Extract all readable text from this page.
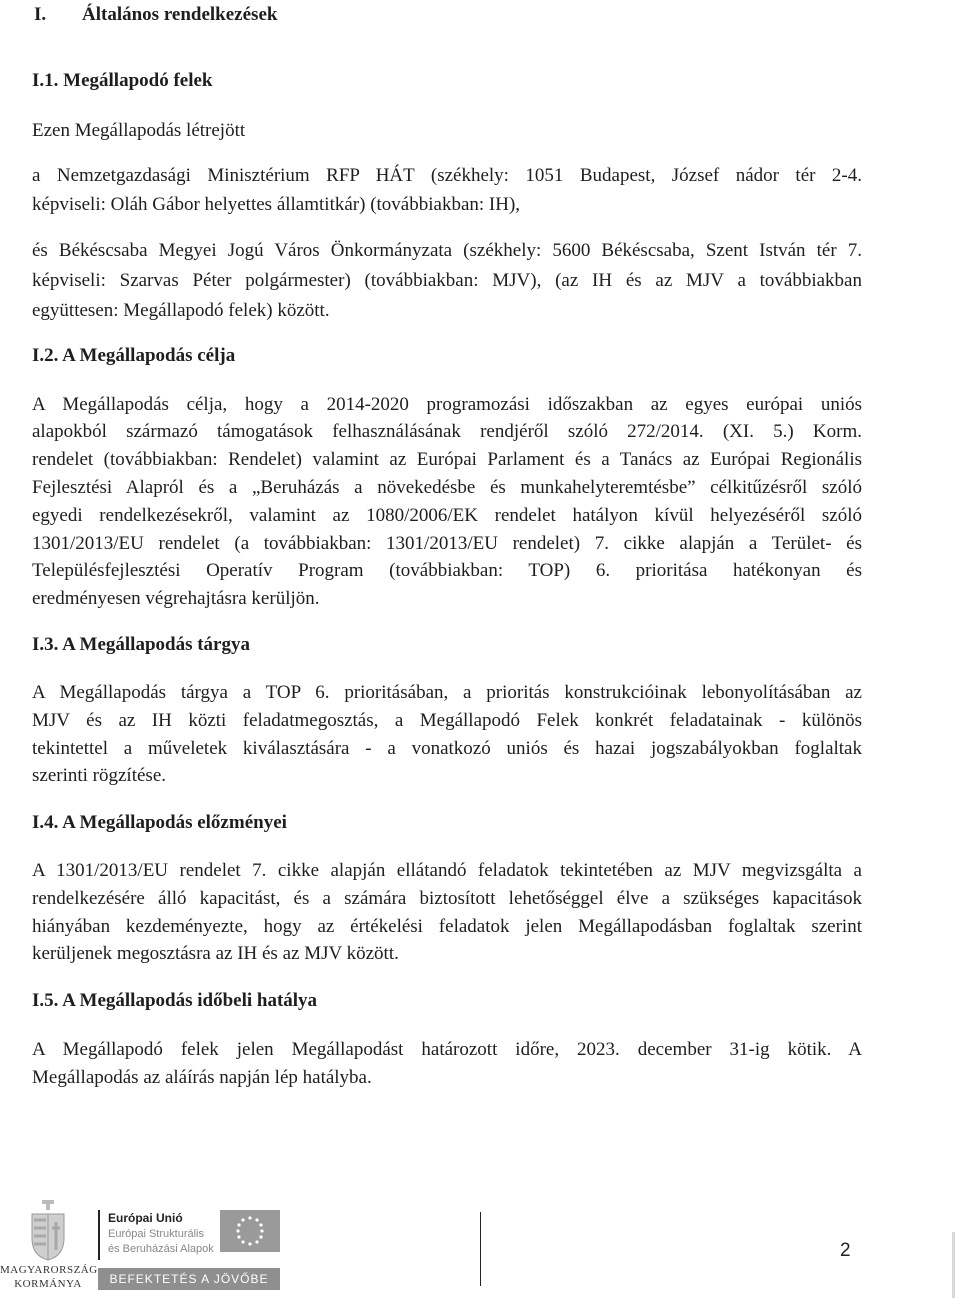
I. Általános rendelkezések
I.1. Megállapodó felek
Ezen Megállapodás létrejött
a Nemzetgazdasági Minisztérium RFP HÁT (székhely: 1051 Budapest, József nádor tér 2-4.
képviseli: Oláh Gábor helyettes államtitkár) (továbbiakban: IH),
és Békéscsaba Megyei Jogú Város Önkormányzata (székhely: 5600 Békéscsaba, Szent István tér 7.
képviseli: Szarvas Péter polgármester) (továbbiakban: MJV), (az IH és az MJV a továbbiakban
együttesen: Megállapodó felek) között.
I.2. A Megállapodás célja
A Megállapodás célja, hogy a 2014-2020 programozási időszakban az egyes európai uniós
alapokból származó támogatások felhasználásának rendjéről szóló 272/2014. (XI. 5.) Korm.
rendelet (továbbiakban: Rendelet) valamint az Európai Parlament és a Tanács az Európai Regionális
Fejlesztési Alapról és a „Beruházás a növekedésbe és munkahelyteremtésbe” célkitűzésről szóló
egyedi rendelkezésekről, valamint az 1080/2006/EK rendelet hatályon kívül helyezéséről szóló
1301/2013/EU rendelet (a továbbiakban: 1301/2013/EU rendelet) 7. cikke alapján a Terület- és
Településfejlesztési Operatív Program (továbbiakban: TOP) 6. prioritása hatékonyan és
eredményesen végrehajtásra kerüljön.
I.3. A Megállapodás tárgya
A Megállapodás tárgya a TOP 6. prioritásában, a prioritás konstrukcióinak lebonyolításában az
MJV és az IH közti feladatmegosztás, a Megállapodó Felek konkrét feladatainak - különös
tekintettel a műveletek kiválasztására - a vonatkozó uniós és hazai jogszabályokban foglaltak
szerinti rögzítése.
I.4. A Megállapodás előzményei
A 1301/2013/EU rendelet 7. cikke alapján ellátandó feladatok tekintetében az MJV megvizsgálta a
rendelkezésére álló kapacitást, és a számára biztosított lehetőséggel élve a szükséges kapacitások
hiányában kezdeményezte, hogy az értékelési feladatok jelen Megállapodásban foglaltak szerint
kerüljenek megosztásra az IH és az MJV között.
I.5. A Megállapodás időbeli hatálya
A Megállapodó felek jelen Megállapodást határozott időre, 2023. december 31-ig kötik. A
Megállapodás az aláírás napján lép hatályba.
MAGYARORSZÁG
KORMÁNYA
Európai Unió
Európai Strukturális
és Beruházási Alapok
BEFEKTETÉS A JÖVŐBE
2
